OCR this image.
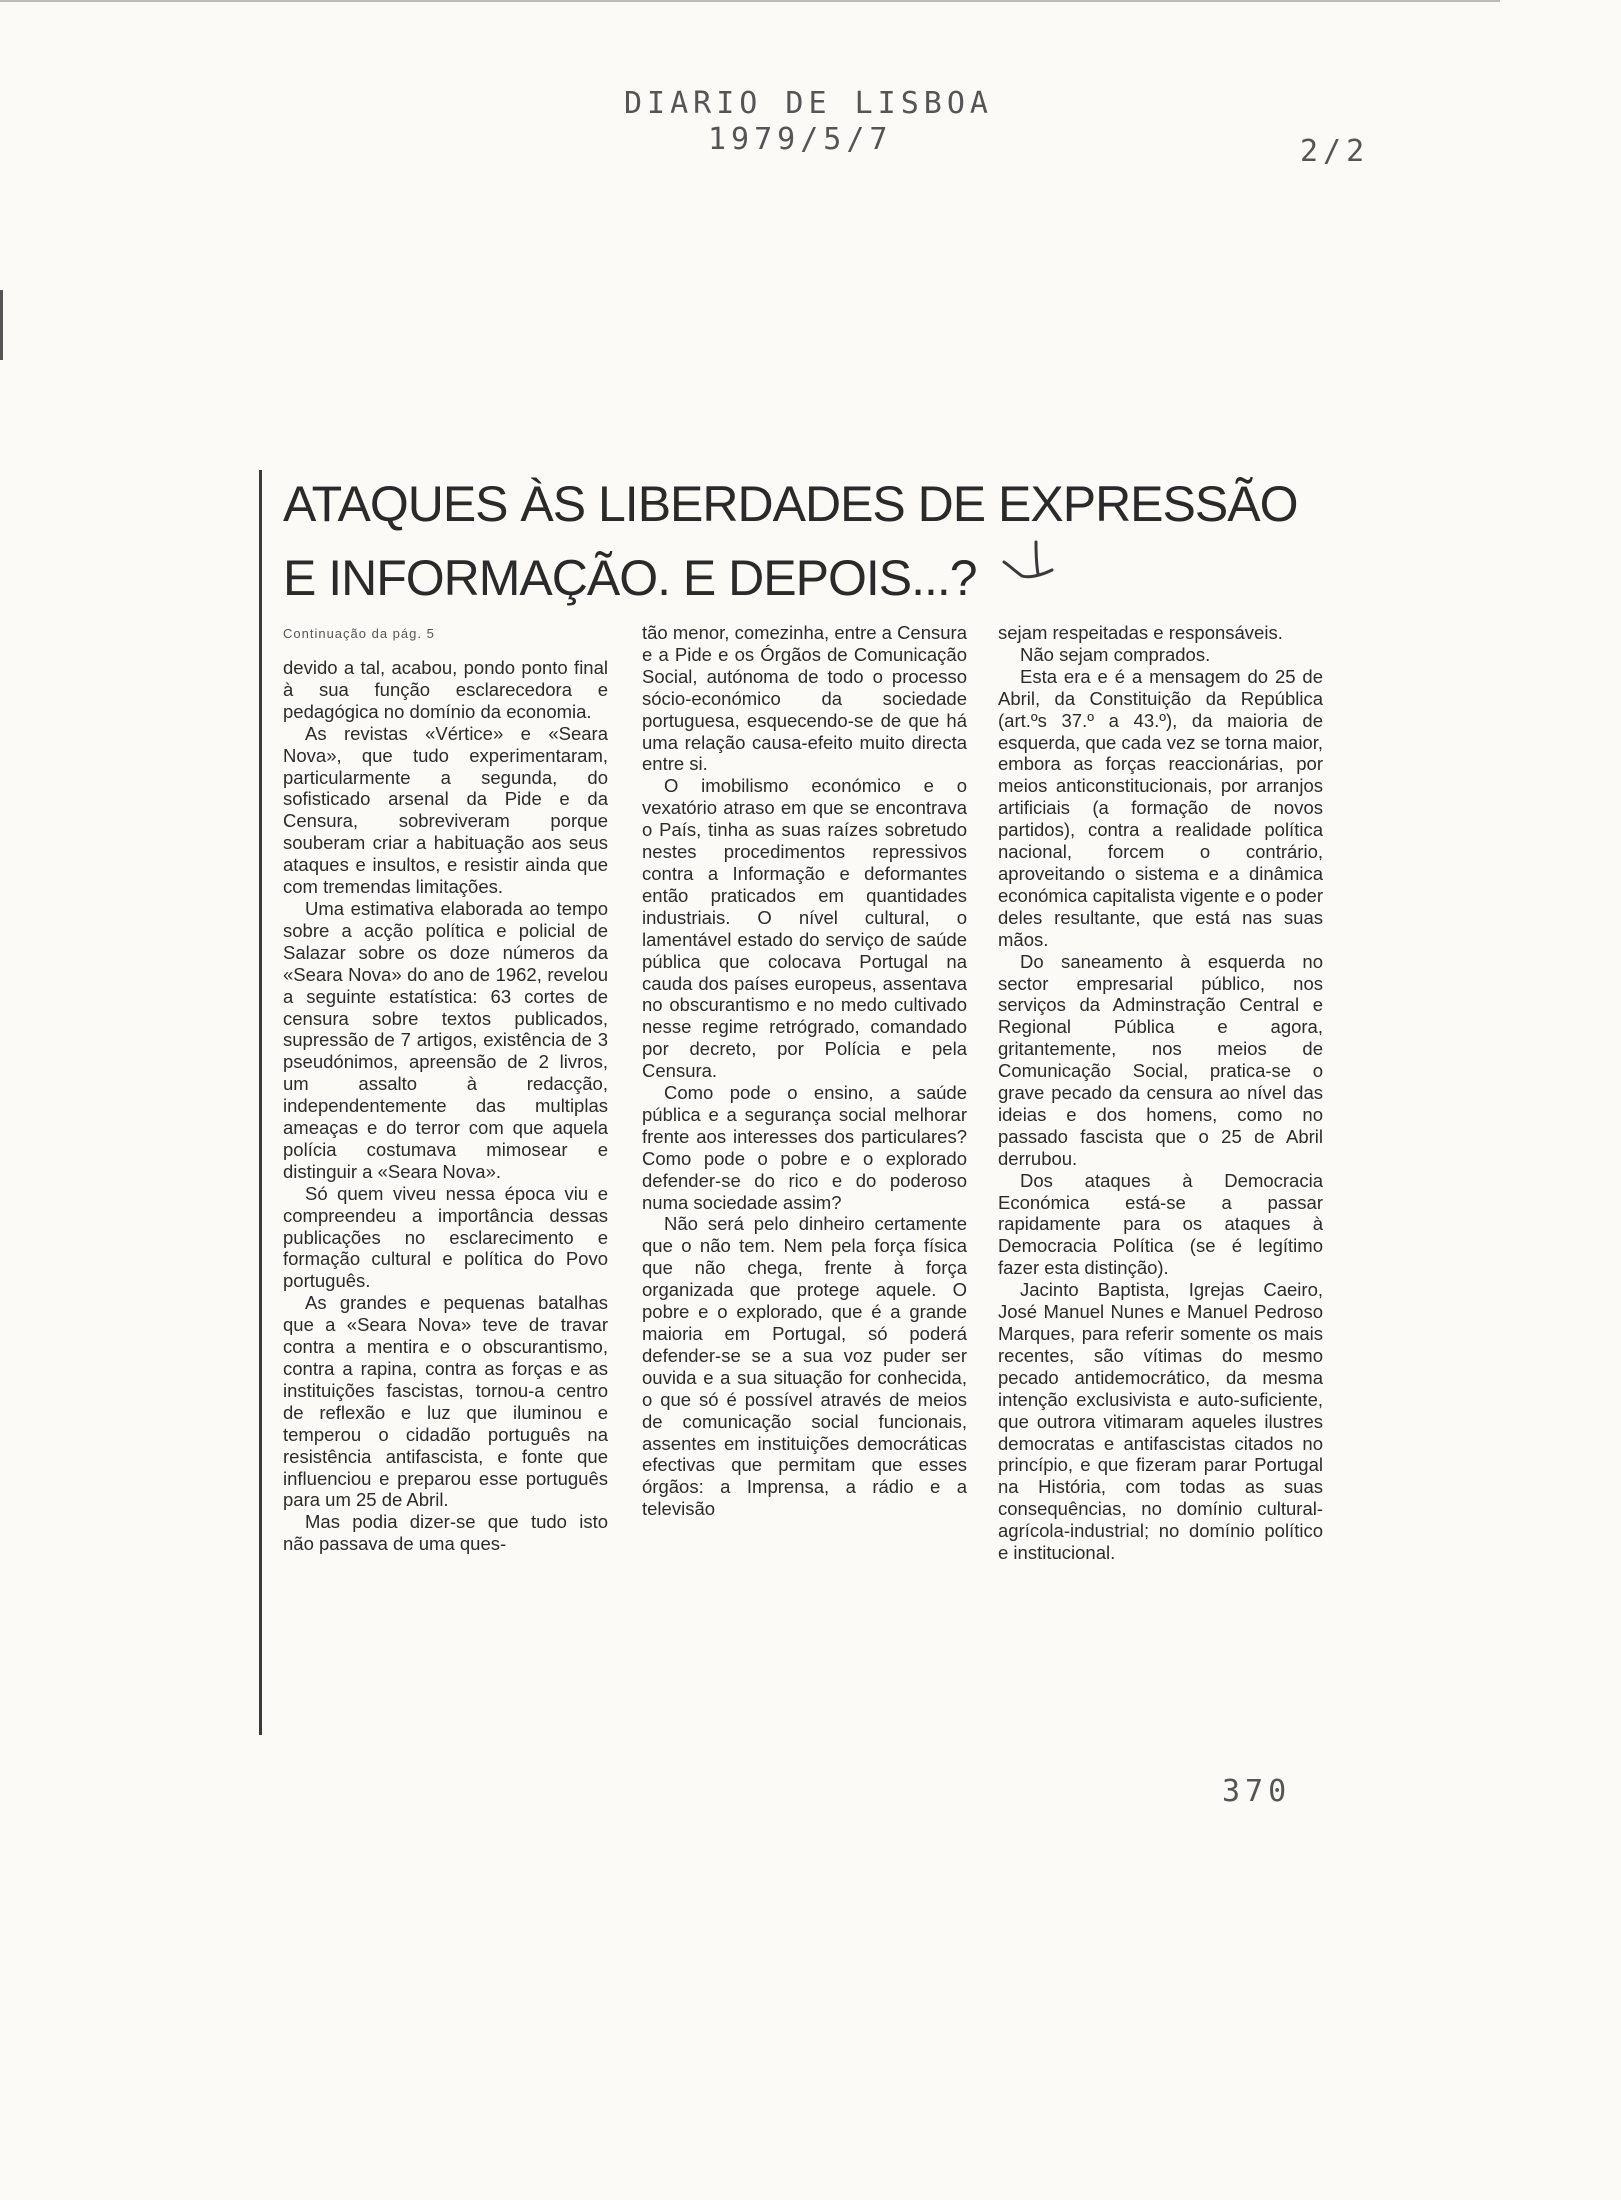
DIARIO DE LISBOA
1979/5/7	2/2
ATAQUES ÀS LIBERDADES DE EXPRESSÃO
E INFORMAÇÃO. E DEPOIS...?
Continuação da pág. 5

devido a tal, acabou, pondo ponto final à sua função esclarecedora e pedagógica no domínio da economia.

As revistas «Vértice» e «Seara Nova», que tudo experimentaram, particularmente a segunda, do sofisticado arsenal da Pide e da Censura, sobreviveram porque souberam criar a habituação aos seus ataques e insultos, e resistir ainda que com tremendas limitações.

Uma estimativa elaborada ao tempo sobre a acção política e policial de Salazar sobre os doze números da «Seara Nova» do ano de 1962, revelou a seguinte estatística: 63 cortes de censura sobre textos publicados, supressão de 7 artigos, existência de 3 pseudónimos, apreensão de 2 livros, um assalto à redacção, independentemente das multiplas ameaças e do terror com que aquela polícia costumava mimosear e distinguir a «Seara Nova».

Só quem viveu nessa época viu e compreendeu a importância dessas publicações no esclarecimento e formação cultural e política do Povo português.

As grandes e pequenas batalhas que a «Seara Nova» teve de travar contra a mentira e o obscurantismo, contra a rapina, contra as forças e as instituições fascistas, tornou-a centro de reflexão e luz que iluminou e temperou o cidadão português na resistência antifascista, e fonte que influenciou e preparou esse português para um 25 de Abril.

Mas podia dizer-se que tudo isto não passava de uma ques-

tão menor, comezinha, entre a Censura e a Pide e os Órgãos de Comunicação Social, autónoma de todo o processo sócio-económico da sociedade portuguesa, esquecendo-se de que há uma relação causa-efeito muito directa entre si.

O imobilismo económico e o vexatório atraso em que se encontrava o País, tinha as suas raízes sobretudo nestes procedimentos repressivos contra a Informação e deformantes então praticados em quantidades industriais. O nível cultural, o lamentável estado do serviço de saúde pública que colocava Portugal na cauda dos países europeus, assentava no obscurantismo e no medo cultivado nesse regime retrógrado, comandado por decreto, por Polícia e pela Censura.

Como pode o ensino, a saúde pública e a segurança social melhorar frente aos interesses dos particulares? Como pode o pobre e o explorado defender-se do rico e do poderoso numa sociedade assim?

Não será pelo dinheiro certamente que o não tem. Nem pela força física que não chega, frente à força organizada que protege aquele. O pobre e o explorado, que é a grande maioria em Portugal, só poderá defender-se se a sua voz puder ser ouvida e a sua situação for conhecida, o que só é possível através de meios de comunicação social funcionais, assentes em instituições democráticas efectivas que permitam que esses órgãos: a Imprensa, a rádio e a televisão

sejam respeitadas e responsáveis.

Não sejam comprados.

Esta era e é a mensagem do 25 de Abril, da Constituição da República (art.ºs 37.º a 43.º), da maioria de esquerda, que cada vez se torna maior, embora as forças reaccionárias, por meios anticonstitucionais, por arranjos artificiais (a formação de novos partidos), contra a realidade política nacional, forcem o contrário, aproveitando o sistema e a dinâmica económica capitalista vigente e o poder deles resultante, que está nas suas mãos.

Do saneamento à esquerda no sector empresarial público, nos serviços da Adminstração Central e Regional Pública e agora, gritantemente, nos meios de Comunicação Social, pratica-se o grave pecado da censura ao nível das ideias e dos homens, como no passado fascista que o 25 de Abril derrubou.

Dos ataques à Democracia Económica está-se a passar rapidamente para os ataques à Democracia Política (se é legítimo fazer esta distinção).

Jacinto Baptista, Igrejas Caeiro, José Manuel Nunes e Manuel Pedroso Marques, para referir somente os mais recentes, são vítimas do mesmo pecado antidemocrático, da mesma intenção exclusivista e auto-suficiente, que outrora vitimaram aqueles ilustres democratas e antifascistas citados no princípio, e que fizeram parar Portugal na História, com todas as suas consequências, no domínio cultural-agrícola-industrial; no domínio político e institucional.

370
